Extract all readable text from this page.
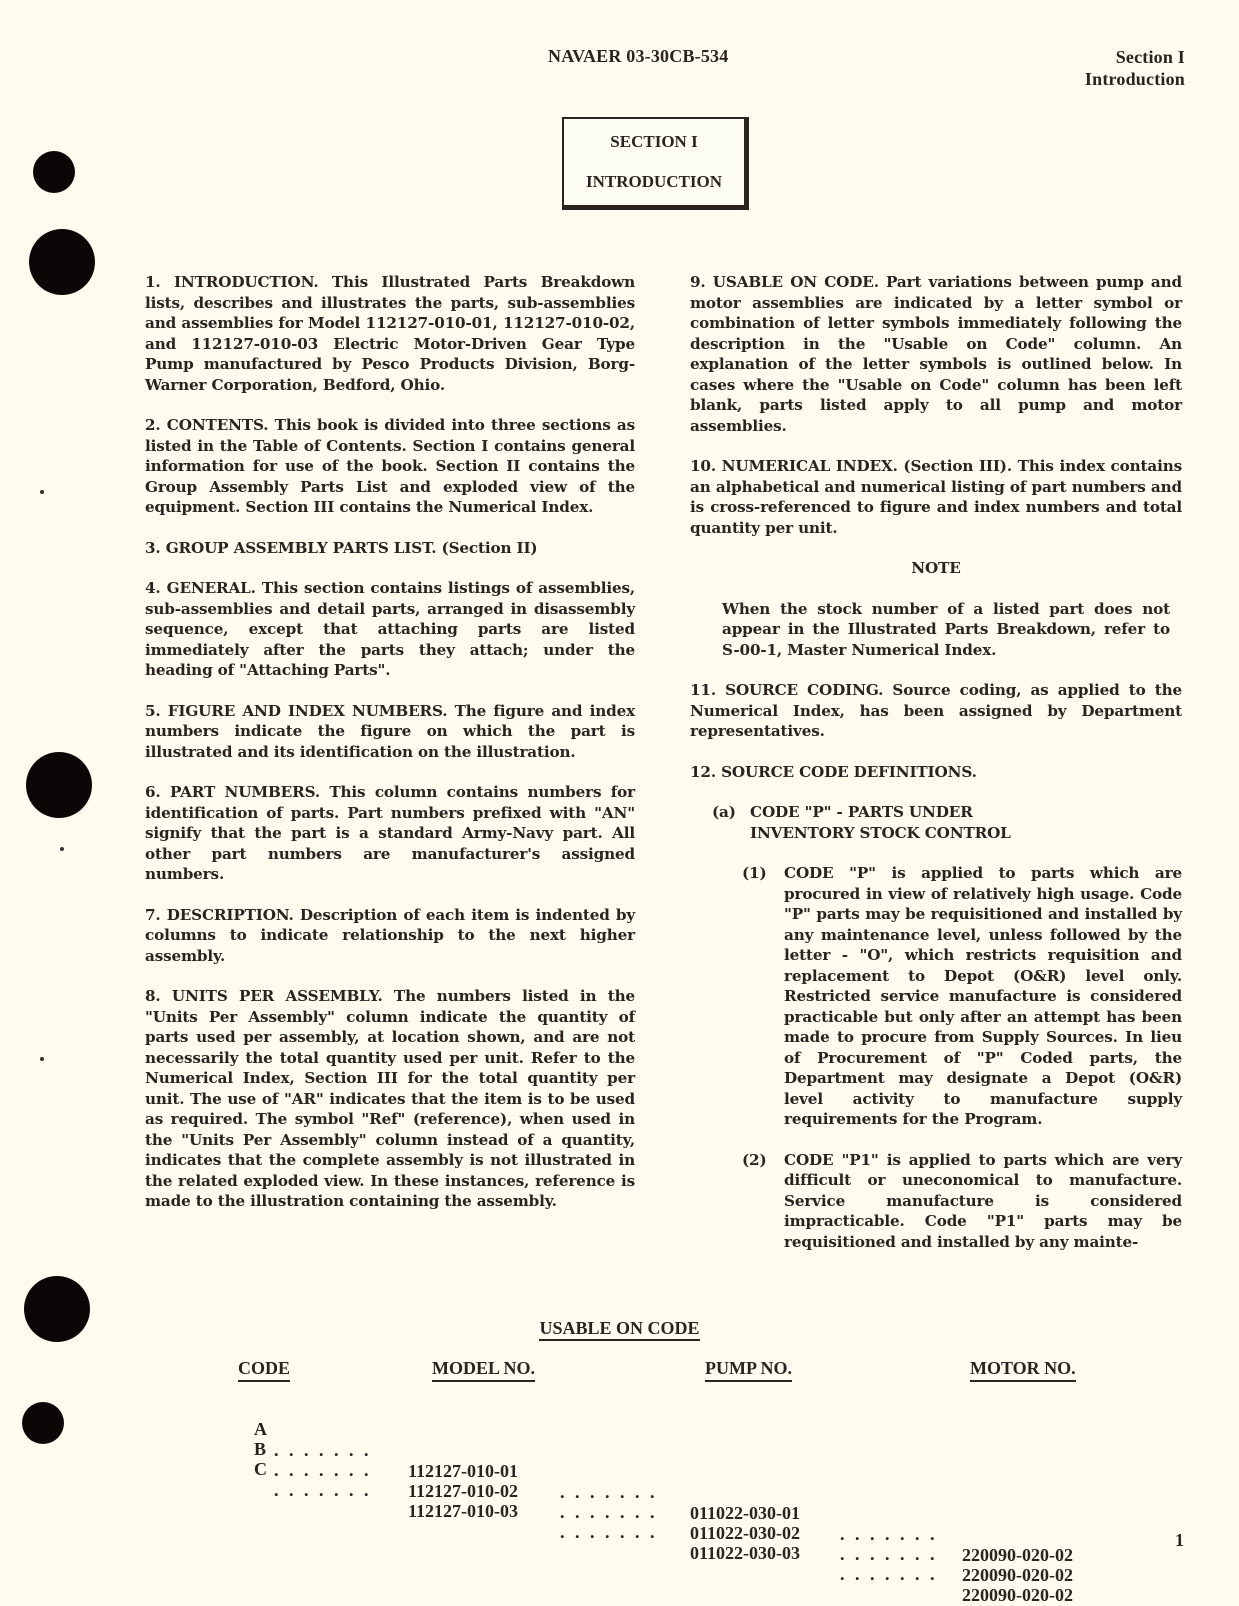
NAVAER 03-30CB-534	Section I
Introduction
SECTION I
INTRODUCTION

1. INTRODUCTION. This Illustrated Parts Breakdown lists, describes and illustrates the parts, sub-assemblies and assemblies for Model 112127-010-01, 112127-010-02, and 112127-010-03 Electric Motor-Driven Gear Type Pump manufactured by Pesco Products Division, Borg-Warner Corporation, Bedford, Ohio.

2. CONTENTS. This book is divided into three sections as listed in the Table of Contents. Section I contains general information for use of the book. Section II contains the Group Assembly Parts List and exploded view of the equipment. Section III contains the Numerical Index.

3. GROUP ASSEMBLY PARTS LIST. (Section II)

4. GENERAL. This section contains listings of assemblies, sub-assemblies and detail parts, arranged in disassembly sequence, except that attaching parts are listed immediately after the parts they attach; under the heading of "Attaching Parts".

5. FIGURE AND INDEX NUMBERS. The figure and index numbers indicate the figure on which the part is illustrated and its identification on the illustration.

6. PART NUMBERS. This column contains numbers for identification of parts. Part numbers prefixed with "AN" signify that the part is a standard Army-Navy part. All other part numbers are manufacturer's assigned numbers.

7. DESCRIPTION. Description of each item is indented by columns to indicate relationship to the next higher assembly.

8. UNITS PER ASSEMBLY. The numbers listed in the "Units Per Assembly" column indicate the quantity of parts used per assembly, at location shown, and are not necessarily the total quantity used per unit. Refer to the Numerical Index, Section III for the total quantity per unit. The use of "AR" indicates that the item is to be used as required. The symbol "Ref" (reference), when used in the "Units Per Assembly" column instead of a quantity, indicates that the complete assembly is not illustrated in the related exploded view. In these instances, reference is made to the illustration containing the assembly.

9. USABLE ON CODE. Part variations between pump and motor assemblies are indicated by a letter symbol or combination of letter symbols immediately following the description in the "Usable on Code" column. An explanation of the letter symbols is outlined below. In cases where the "Usable on Code" column has been left blank, parts listed apply to all pump and motor assemblies.

10. NUMERICAL INDEX. (Section III). This index contains an alphabetical and numerical listing of part numbers and is cross-referenced to figure and index numbers and total quantity per unit.

NOTE

When the stock number of a listed part does not appear in the Illustrated Parts Breakdown, refer to S-00-1, Master Numerical Index.

11. SOURCE CODING. Source coding, as applied to the Numerical Index, has been assigned by Department representatives.

12. SOURCE CODE DEFINITIONS.

(a) CODE "P" - PARTS UNDER INVENTORY STOCK CONTROL
(1)	CODE "P" is applied to parts which are procured in view of relatively high usage. Code "P" parts may be requisitioned and installed by any maintenance level, unless followed by the letter - "O", which restricts requisition and replacement to Depot (O&R) level only. Restricted service manufacture is considered practicable but only after an attempt has been made to procure from Supply Sources. In lieu of Procurement of "P" Coded parts, the Department may designate a Depot (O&R) level activity to manufacture supply requirements for the Program.
(2)	CODE "P1" is applied to parts which are very difficult or uneconomical to manufacture. Service manufacture is considered impracticable. Code "P1" parts may be requisitioned and installed by any mainte-
USABLE ON CODE
CODE	MODEL NO.	PUMP NO.	MOTOR NO.

A

. . . . . . .

112127-010-01

. . . . . . .

011022-030-01

. . . . . . .

220090-020-02

B

. . . . . . .

112127-010-02

. . . . . . .

011022-030-02

. . . . . . .

220090-020-02

C

. . . . . . .

112127-010-03

. . . . . . .

011022-030-03

. . . . . . .

220090-020-02

1
